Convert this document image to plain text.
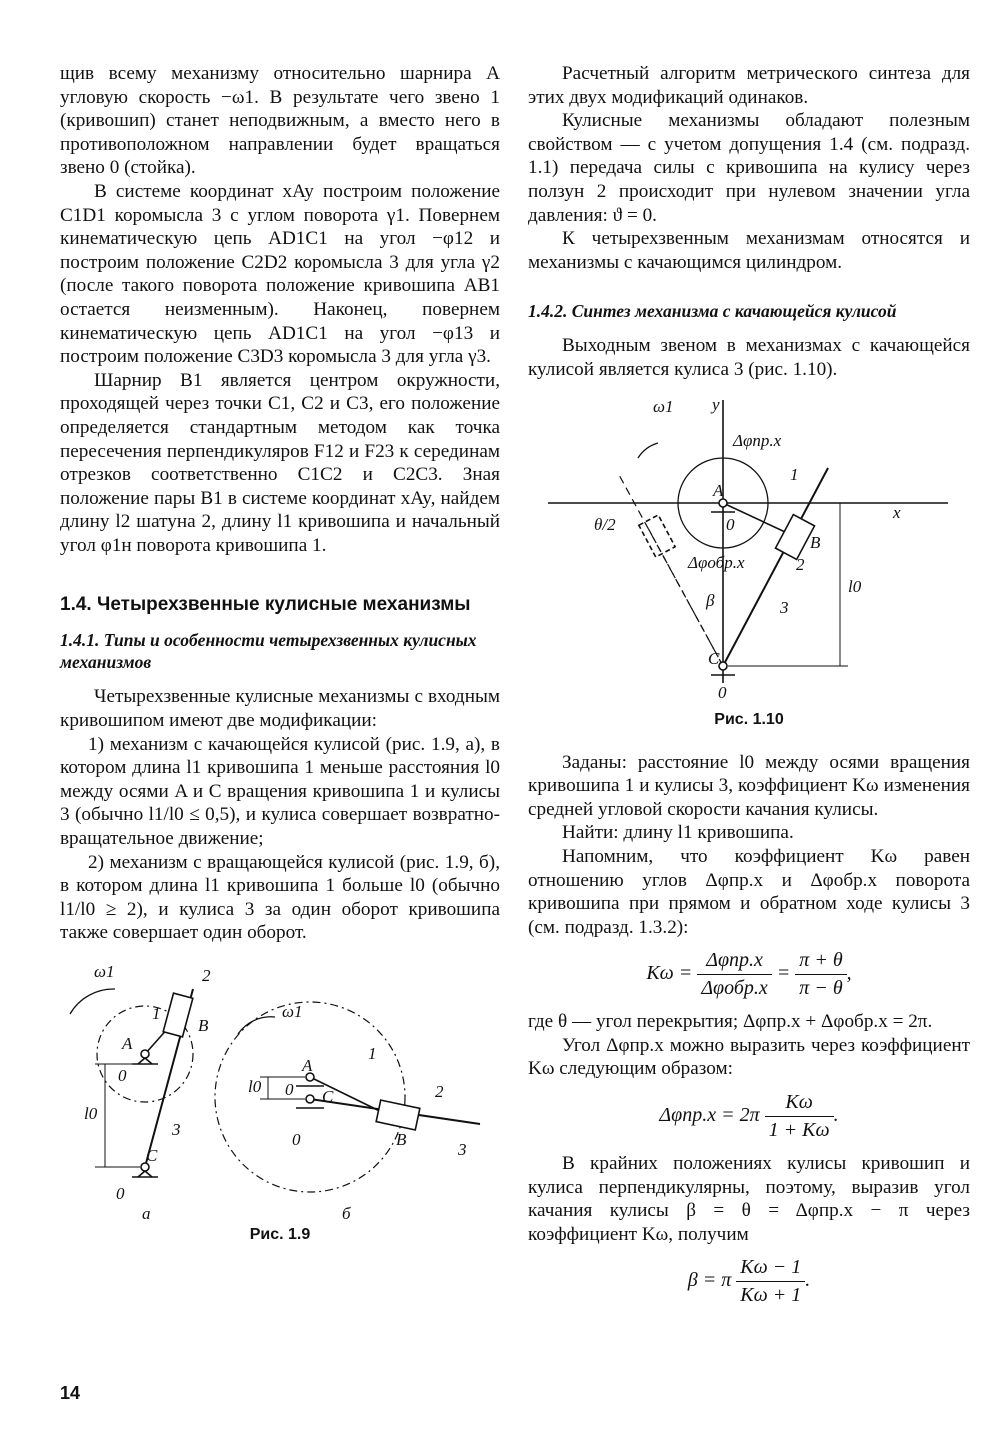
щив всему механизму относительно шарнира A угловую скорость −ω1. В результате чего звено 1 (кривошип) станет неподвижным, а вместо него в противоположном направлении будет вращаться звено 0 (стойка).

В системе координат xAy построим положение C1D1 коромысла 3 с углом поворота γ1. Повернем кинематическую цепь AD1C1 на угол −φ12 и построим положение C2D2 коромысла 3 для угла γ2 (после такого поворота положение кривошипа AB1 остается неизменным). Наконец, повернем кинематическую цепь AD1C1 на угол −φ13 и построим положение C3D3 коромысла 3 для угла γ3.

Шарнир B1 является центром окружности, проходящей через точки C1, C2 и C3, его положение определяется стандартным методом как точка пересечения перпендикуляров F12 и F23 к серединам отрезков соответственно C1C2 и C2C3. Зная положение пары B1 в системе координат xAy, найдем длину l2 шатуна 2, длину l1 кривошипа и начальный угол φ1н поворота кривошипа 1.

1.4. Четырехзвенные кулисные механизмы
1.4.1. Типы и особенности четырехзвенных кулисных механизмов

Четырехзвенные кулисные механизмы с входным кривошипом имеют две модификации:

1) механизм с качающейся кулисой (рис. 1.9, а), в котором длина l1 кривошипа 1 меньше расстояния l0 между осями A и C вращения кривошипа 1 и кулисы 3 (обычно l1/l0 ≤ 0,5), и кулиса совершает возвратно-вращательное движение;
2) механизм с вращающейся кулисой (рис. 1.9, б), в котором длина l1 кривошипа 1 больше l0 (обычно l1/l0 ≥ 2), и кулиса 3 за один оборот кривошипа также совершает один оборот.
ω1	2
1
B
A
0
l0
3
C
0
а
ω1
1
2
A
C
0
l0
0	B
3
б
Рис. 1.9

Расчетный алгоритм метрического синтеза для этих двух модификаций одинаков.

Кулисные механизмы обладают полезным свойством — с учетом допущения 1.4 (см. подразд. 1.1) передача силы с кривошипа на кулису через ползун 2 происходит при нулевом значении угла давления: ϑ = 0.

К четырехзвенным механизмам относятся и механизмы с качающимся цилиндром.

1.4.2. Синтез механизма с качающейся кулисой

Выходным звеном в механизмах с качающейся кулисой является кулиса 3 (рис. 1.10).

ω1 y
Δφпр.х
1
x
A
0
B
2
θ/2
Δφобр.х
l0
β	3
C
0
Рис. 1.10

Заданы: расстояние l0 между осями вращения кривошипа 1 и кулисы 3, коэффициент Kω изменения средней угловой скорости качания кулисы.

Найти: длину l1 кривошипа.

Напомним, что коэффициент Kω равен отношению углов Δφпр.х и Δφобр.х поворота кривошипа при прямом и обратном ходе кулисы 3 (см. подразд. 1.3.2):

$K\omega = \frac{\text{Δφпр.х}}{\text{Δφобр.х}} = \frac{\pi + \theta}{\pi - \theta}$ ,

где θ — угол перекрытия; Δφпр.х + Δφобр.х = 2π.

Угол Δφпр.х можно выразить через коэффициент Kω следующим образом:

$\Delta\varphi пр.х = 2\pi \frac{K\omega}{1 + K\omega}$ .

В крайних положениях кулисы кривошип и кулиса перпендикулярны, поэтому, выразив угол качания кулисы β = θ = Δφпр.х − π через коэффициент Kω, получим

β = π $\frac{K\omega - 1}{K\omega + 1}$ .
14
